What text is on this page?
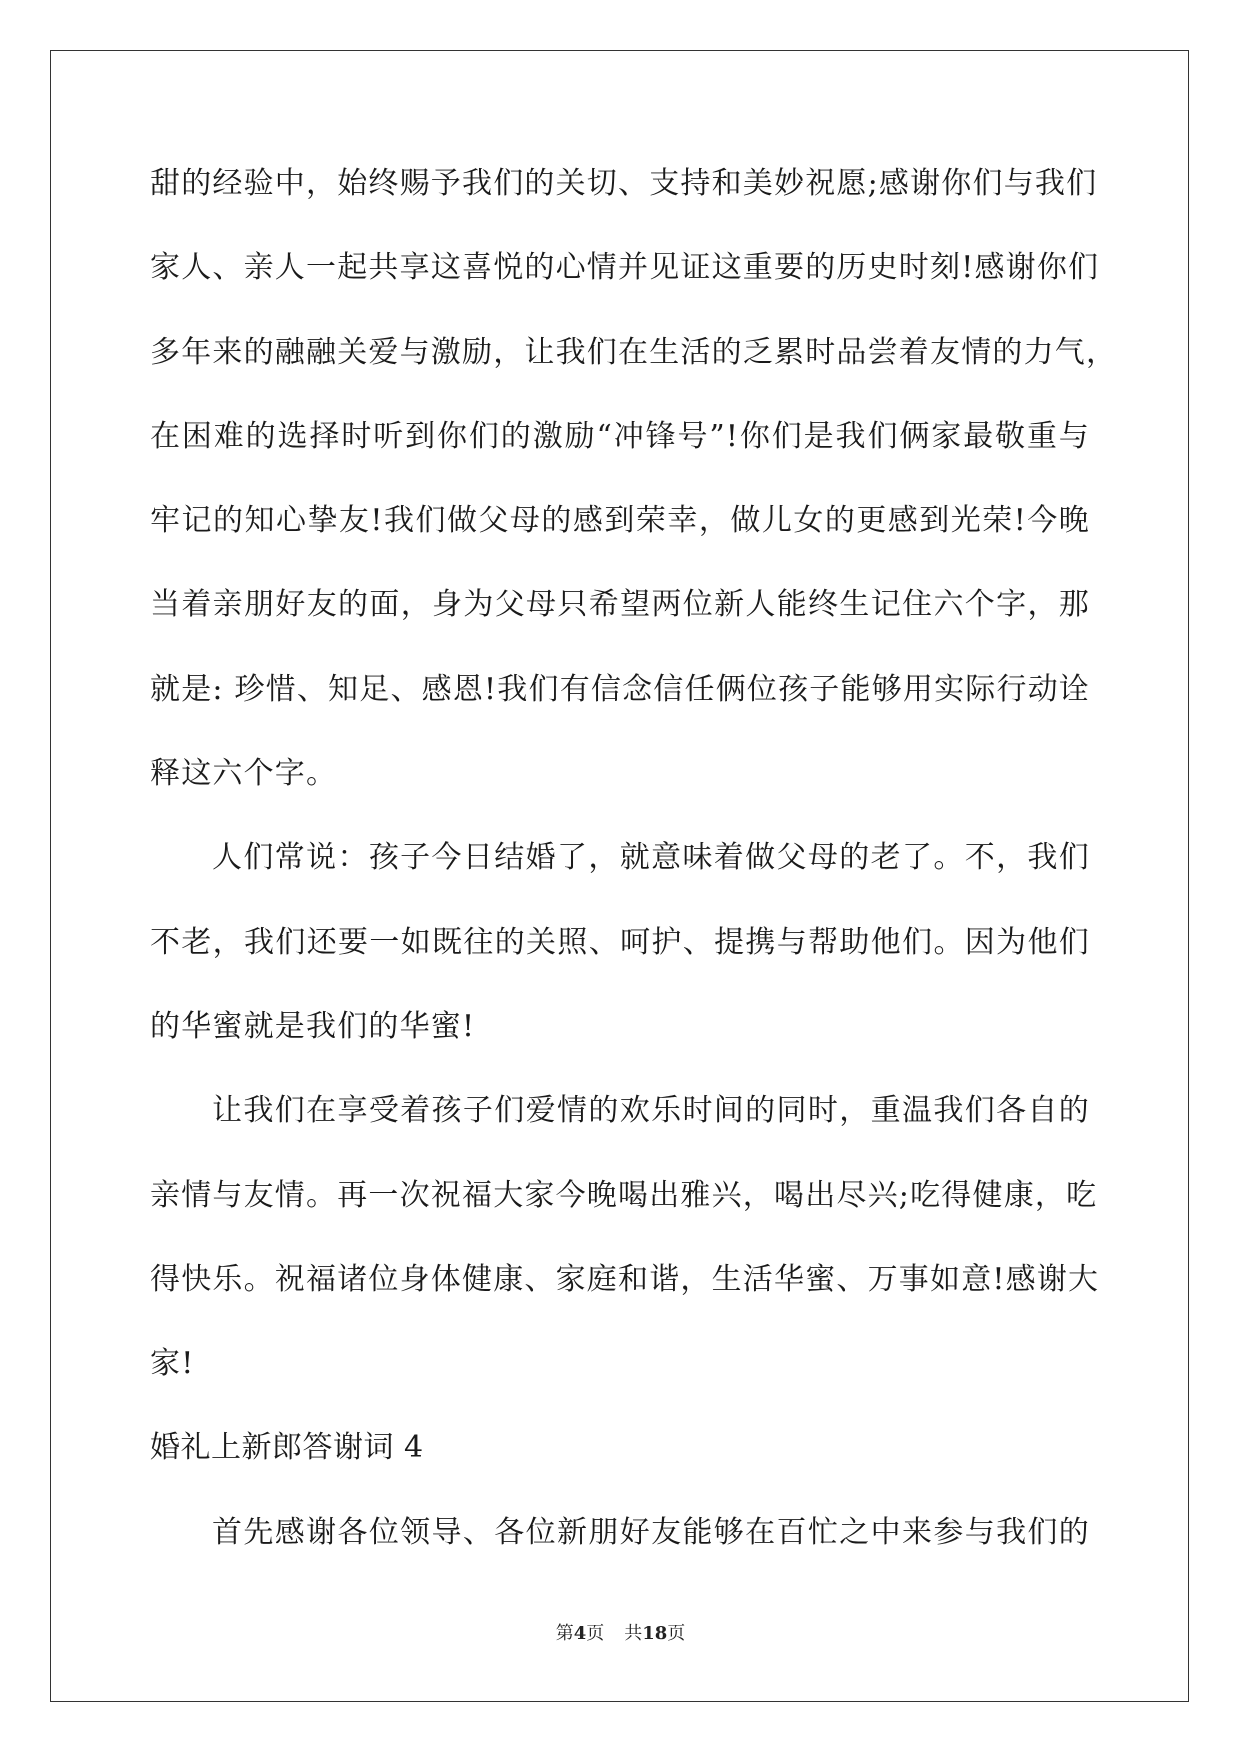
甜的经验中，始终赐予我们的关切、支持和美妙祝愿;感谢你们与我们
家人、亲人一起共享这喜悦的心情并见证这重要的历史时刻!感谢你们
多年来的融融关爱与激励，让我们在生活的乏累时品尝着友情的力气，
在困难的选择时听到你们的激励“冲锋号”!你们是我们俩家最敬重与
牢记的知心挚友!我们做父母的感到荣幸，做儿女的更感到光荣!今晚
当着亲朋好友的面，身为父母只希望两位新人能终生记住六个字，那
就是: 珍惜、知足、感恩!我们有信念信任俩位孩子能够用实际行动诠
释这六个字。
人们常说：孩子今日结婚了，就意味着做父母的老了。不，我们
不老，我们还要一如既往的关照、呵护、提携与帮助他们。因为他们
的华蜜就是我们的华蜜!
让我们在享受着孩子们爱情的欢乐时间的同时，重温我们各自的
亲情与友情。再一次祝福大家今晚喝出雅兴，喝出尽兴;吃得健康，吃
得快乐。祝福诸位身体健康、家庭和谐，生活华蜜、万事如意!感谢大
家!
婚礼上新郎答谢词 4
首先感谢各位领导、各位新朋好友能够在百忙之中来参与我们的
第4页 共18页
